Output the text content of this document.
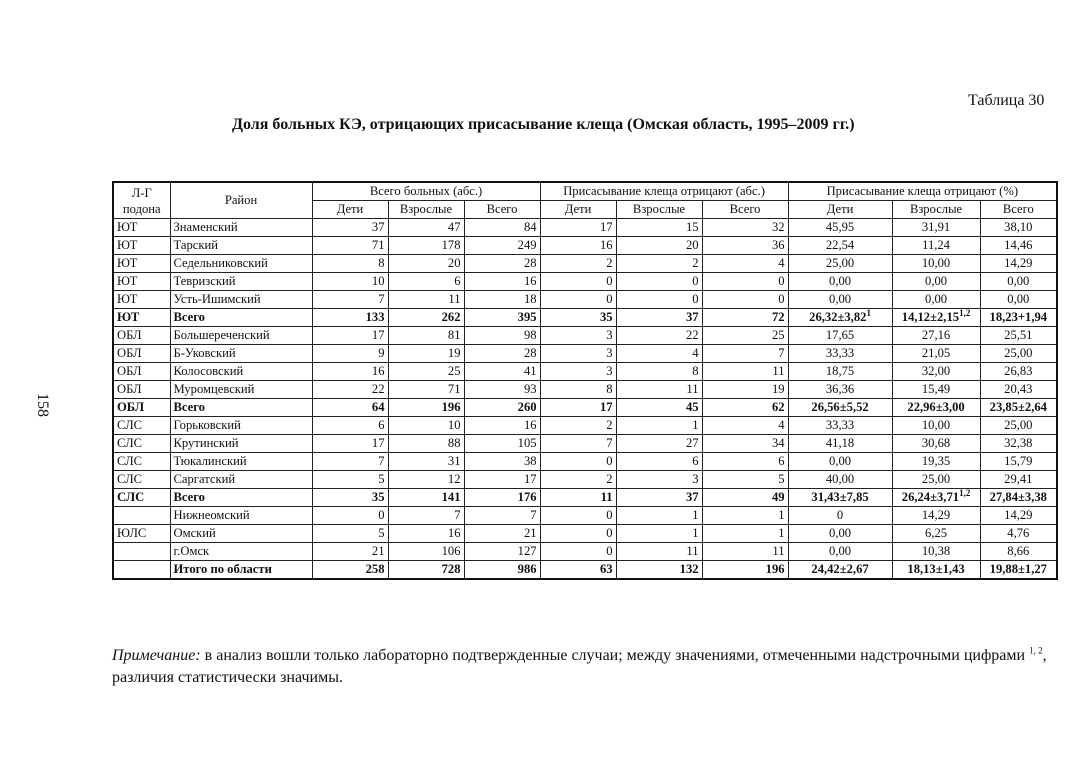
158
Таблица 30
Доля больных КЭ, отрицающих присасывание клеща (Омская область, 1995–2009 гг.)
Л-Г
подона	Район	Всего больных (абс.)			Присасывание клеща отрицают (абс.)			Присасывание клеща отрицают (%)		
		Дети	Взрослые	Всего	Дети	Взрослые	Всего	Дети	Взрослые	Всего
ЮТ	Знаменский	37	47	84	17	15	32	45,95	31,91	38,10
ЮТ	Тарский	71	178	249	16	20	36	22,54	11,24	14,46
ЮТ	Седельниковский	8	20	28	2	2	4	25,00	10,00	14,29
ЮТ	Тевризский	10	6	16	0	0	0	0,00	0,00	0,00
ЮТ	Усть-Ишимский	7	11	18	0	0	0	0,00	0,00	0,00
ЮТ	Всего	133	262	395	35	37	72	$26,32\pm 3,82^1$	$14,12\pm 2,15^{1,2}$	18,23+1,94
ОБЛ	Большереченский	17	81	98	3	22	25	17,65	27,16	25,51
ОБЛ	Б-Уковский	9	19	28	3	4	7	33,33	21,05	25,00
ОБЛ	Колосовский	16	25	41	3	8	11	18,75	32,00	26,83
ОБЛ	Муромцевский	22	71	93	8	11	19	36,36	15,49	20,43
ОБЛ	Всего	64	196	260	17	45	62	26,56±5,52	22,96±3,00	23,85±2,64
СЛС	Горьковский	6	10	16	2	1	4	33,33	10,00	25,00
СЛС	Крутинский	17	88	105	7	27	34	41,18	30,68	32,38
СЛС	Тюкалинский	7	31	38	0	6	6	0,00	19,35	15,79
СЛС	Саргатский	5	12	17	2	3	5	40,00	25,00	29,41
СЛС	Всего	35	141	176	11	37	49	31,43±7,85	$26,24\pm 3,71^{1,2}$	27,84±3,38
	Нижнеомский	0	7	7	0	1	1	0	14,29	14,29
ЮЛС	Омский	5	16	21	0	1	1	0,00	6,25	4,76
	г.Омск	21	106	127	0	11	11	0,00	10,38	8,66
	Итого по области	258	728	986	63	132	196	24,42±2,67	18,13±1,43	19,88±1,27
Примечание: в анализ вошли только лабораторно подтвержденные случаи; между значениями, отмеченными надстрочными цифрами $^{1, 2}$, различия статистически значимы.
